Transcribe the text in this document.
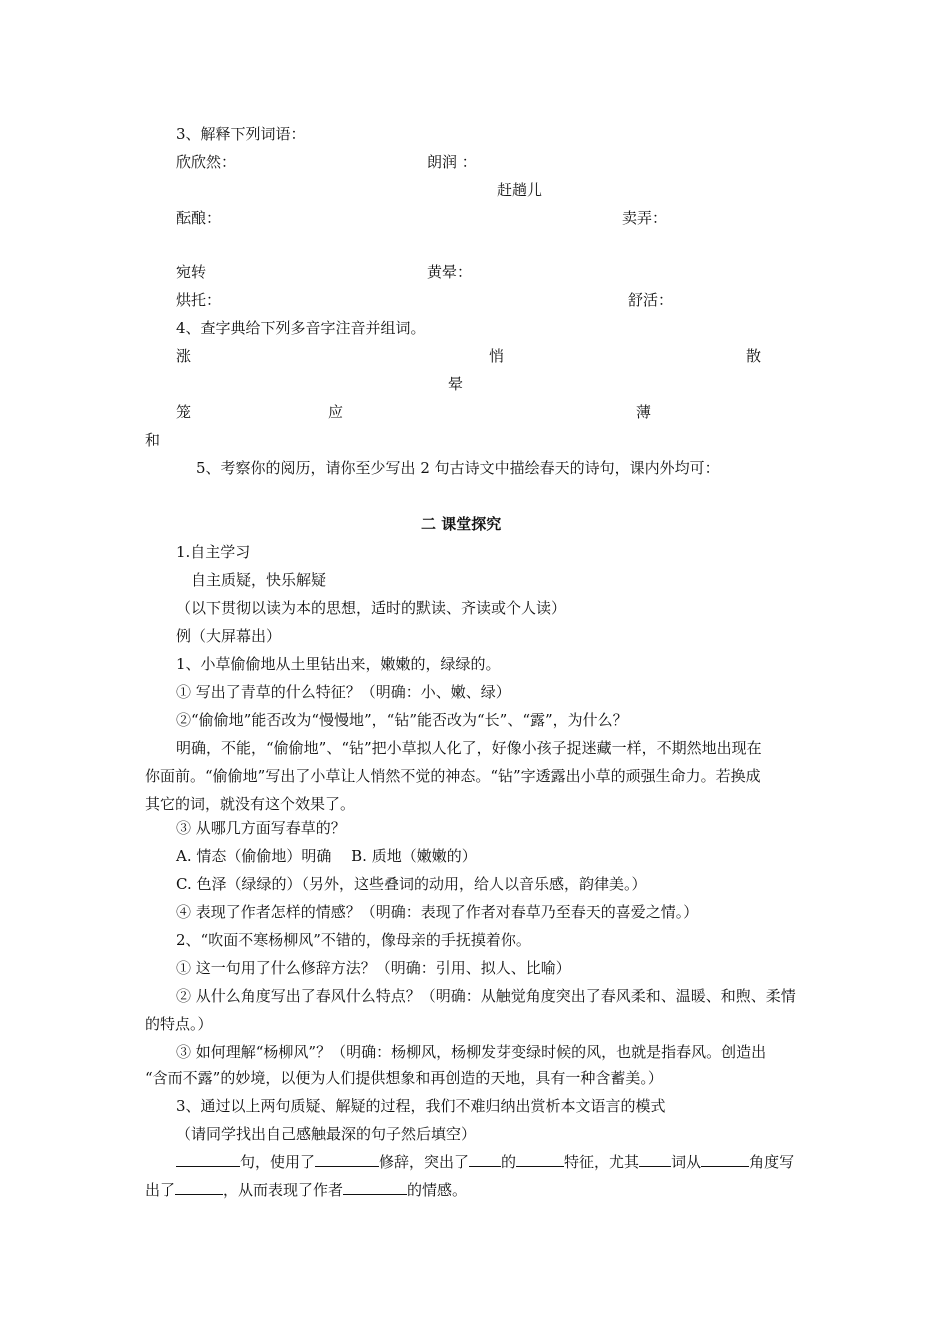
3、解释下列词语：
欣欣然：	朗润 ：
赶趟儿
酝酿：	卖弄：
宛转	黄晕：
烘托：	舒活：
4、查字典给下列多音字注音并组词。
涨	悄	散
晕
笼	应	薄
和
5、考察你的阅历，请你至少写出 2 句古诗文中描绘春天的诗句，课内外均可：
二 课堂探究
1.自主学习
自主质疑，快乐解疑
（以下贯彻以读为本的思想，适时的默读、齐读或个人读）
例（大屏幕出）
1、小草偷偷地从土里钻出来，嫩嫩的，绿绿的。
① 写出了青草的什么特征？（明确：小、嫩、绿）
②“偷偷地”能否改为“慢慢地”，“钻”能否改为“长”、“露”，为什么？
明确，不能，“偷偷地”、“钻”把小草拟人化了，好像小孩子捉迷藏一样，不期然地出现在
你面前。“偷偷地”写出了小草让人悄然不觉的神态。“钻”字透露出小草的顽强生命力。若换成
其它的词，就没有这个效果了。
③ 从哪几方面写春草的？
A. 情态（偷偷地）明确　 B. 质地（嫩嫩的）
C. 色泽（绿绿的）（另外，这些叠词的动用，给人以音乐感，韵律美。）
④ 表现了作者怎样的情感？（明确：表现了作者对春草乃至春天的喜爱之情。）
2、“吹面不寒杨柳风”不错的，像母亲的手抚摸着你。
① 这一句用了什么修辞方法？（明确：引用、拟人、比喻）
② 从什么角度写出了春风什么特点？（明确：从触觉角度突出了春风柔和、温暖、和煦、柔情
的特点。）
③ 如何理解“杨柳风”？（明确：杨柳风，杨柳发芽变绿时候的风，也就是指春风。创造出
“含而不露”的妙境，以便为人们提供想象和再创造的天地，具有一种含蓄美。）
3、通过以上两句质疑、解疑的过程，我们不难归纳出赏析本文语言的模式
（请同学找出自己感触最深的句子然后填空）
句，使用了	修辞，突出了 的	特征，尤其 词从	角度写
出了	，从而表现了作者	的情感。
